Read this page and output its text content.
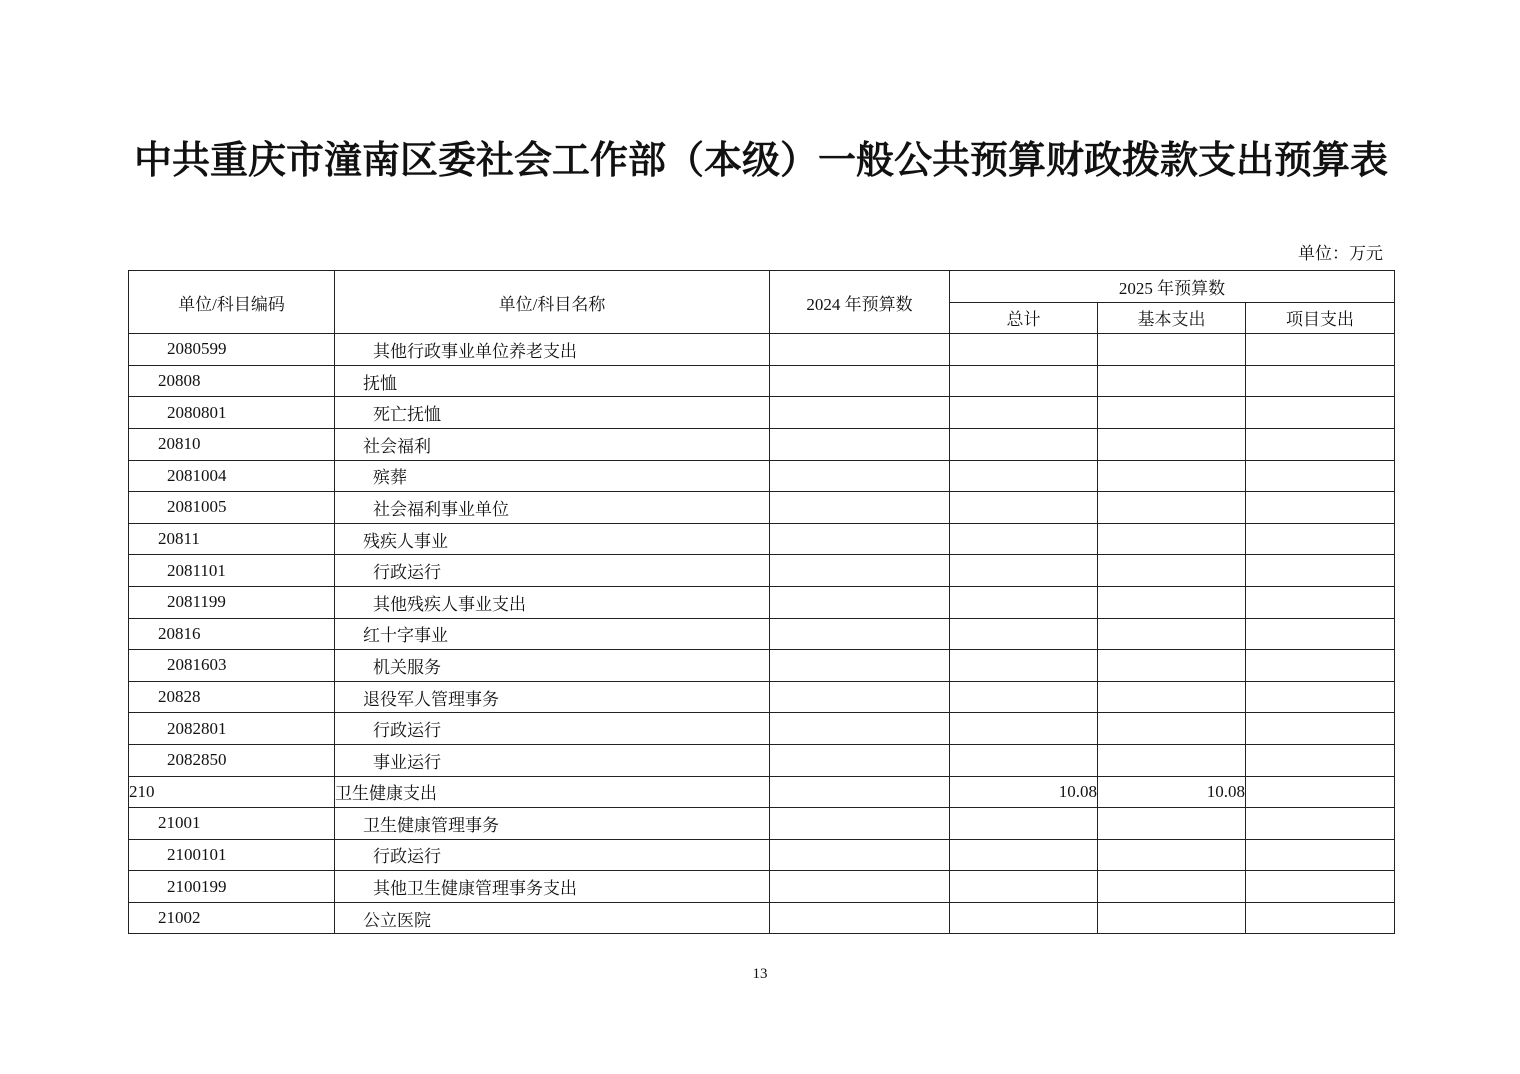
中共重庆市潼南区委社会工作部（本级）一般公共预算财政拨款支出预算表
单位：万元
单位/科目编码	单位/科目名称	2024 年预算数	2025 年预算数		
			总计	基本支出	项目支出
2080599	其他行政事业单位养老支出				
20808	抚恤				
2080801	死亡抚恤				
20810	社会福利				
2081004	殡葬				
2081005	社会福利事业单位				
20811	残疾人事业				
2081101	行政运行				
2081199	其他残疾人事业支出				
20816	红十字事业				
2081603	机关服务				
20828	退役军人管理事务				
2082801	行政运行				
2082850	事业运行				
210	卫生健康支出		10.08	10.08	
21001	卫生健康管理事务				
2100101	行政运行				
2100199	其他卫生健康管理事务支出				
21002	公立医院				
13
